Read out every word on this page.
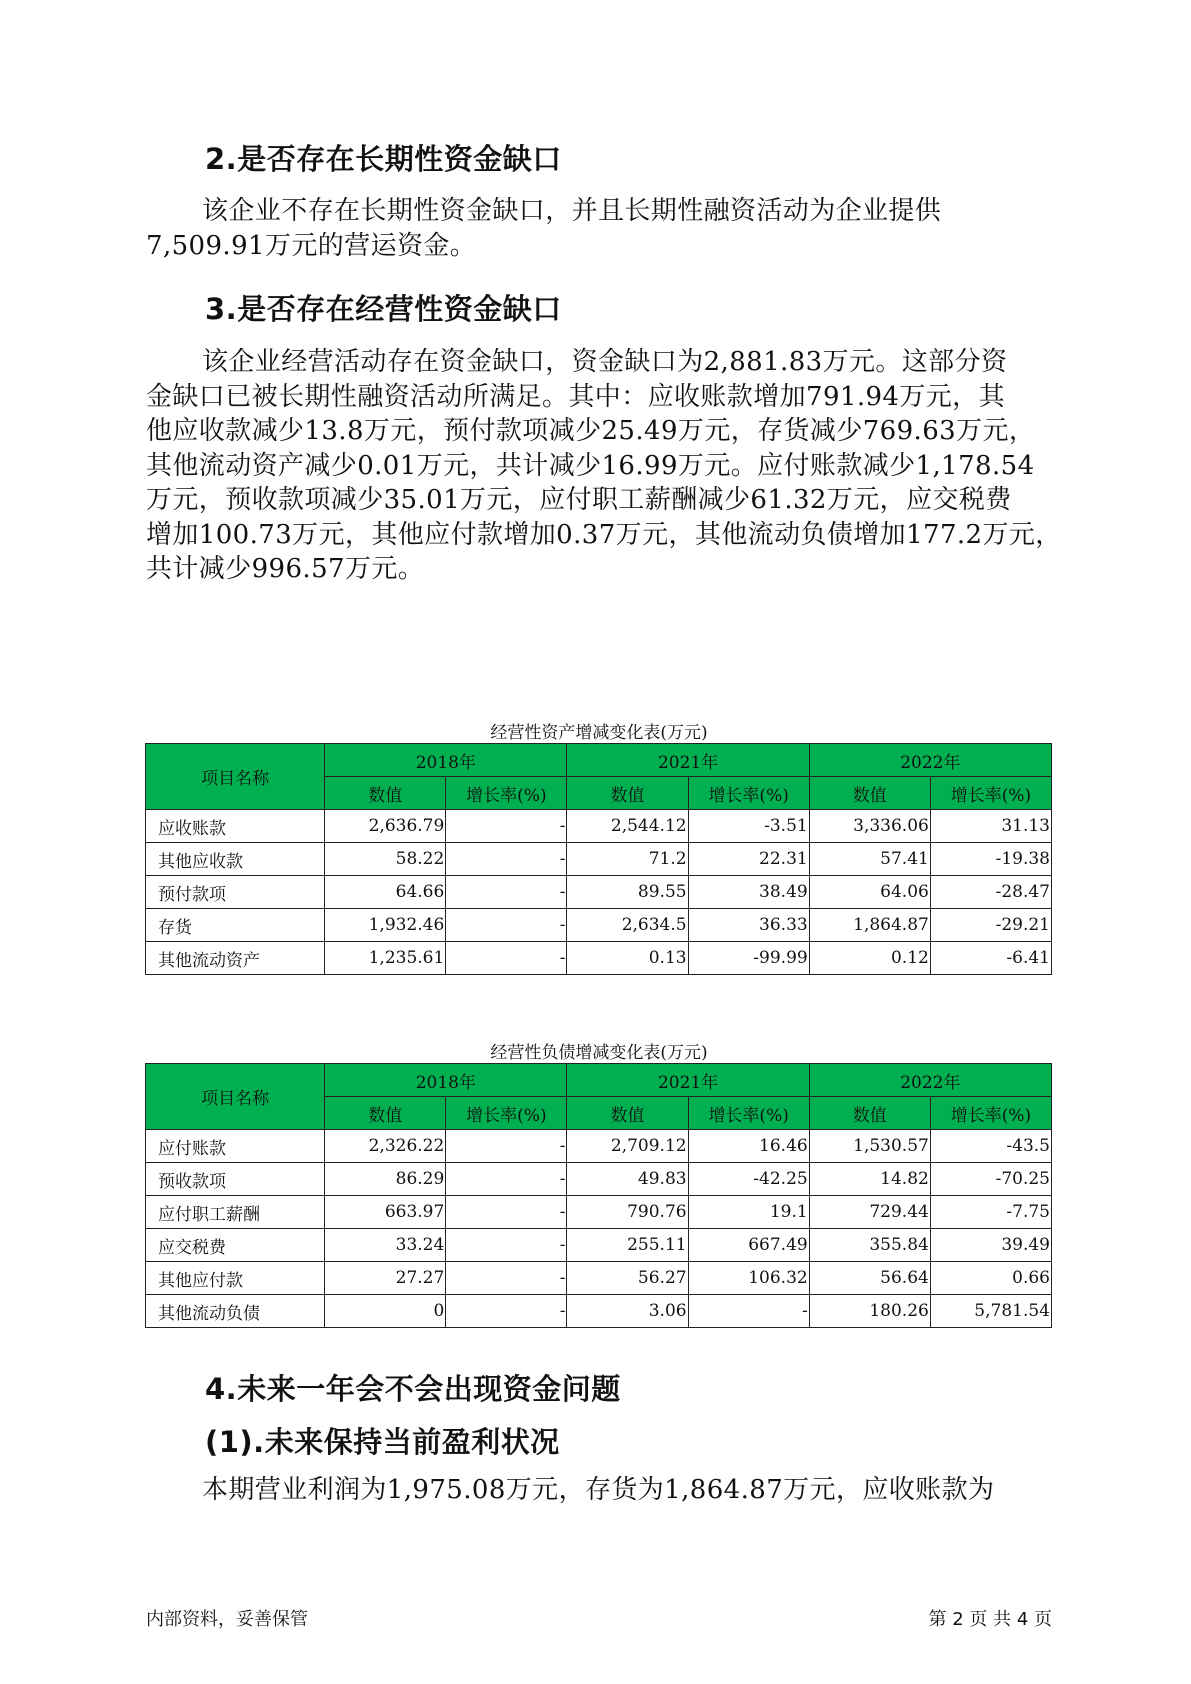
2.是否存在长期性资金缺口
该企业不存在长期性资金缺口，并且长期性融资活动为企业提供
7,509.91万元的营运资金。
3.是否存在经营性资金缺口
该企业经营活动存在资金缺口，资金缺口为2,881.83万元。这部分资
金缺口已被长期性融资活动所满足。其中：应收账款增加791.94万元，其
他应收款减少13.8万元，预付款项减少25.49万元，存货减少769.63万元，
其他流动资产减少0.01万元，共计减少16.99万元。应付账款减少1,178.54
万元，预收款项减少35.01万元，应付职工薪酬减少61.32万元，应交税费
增加100.73万元，其他应付款增加0.37万元，其他流动负债增加177.2万元，
共计减少996.57万元。
经营性资产增减变化表(万元)
项目名称	2018年		2021年		2022年	
	数值	增长率(%)	数值	增长率(%)	数值	增长率(%)
应收账款	2,636.79	-	2,544.12	-3.51	3,336.06	31.13
其他应收款	58.22	-	71.2	22.31	57.41	-19.38
预付款项	64.66	-	89.55	38.49	64.06	-28.47
存货	1,932.46	-	2,634.5	36.33	1,864.87	-29.21
其他流动资产	1,235.61	-	0.13	-99.99	0.12	-6.41
经营性负债增减变化表(万元)
项目名称	2018年		2021年		2022年	
	数值	增长率(%)	数值	增长率(%)	数值	增长率(%)
应付账款	2,326.22	-	2,709.12	16.46	1,530.57	-43.5
预收款项	86.29	-	49.83	-42.25	14.82	-70.25
应付职工薪酬	663.97	-	790.76	19.1	729.44	-7.75
应交税费	33.24	-	255.11	667.49	355.84	39.49
其他应付款	27.27	-	56.27	106.32	56.64	0.66
其他流动负债	0	-	3.06	-	180.26	5,781.54
4.未来一年会不会出现资金问题
(1).未来保持当前盈利状况
本期营业利润为1,975.08万元，存货为1,864.87万元，应收账款为
内部资料，妥善保管	第 2 页 共 4 页
